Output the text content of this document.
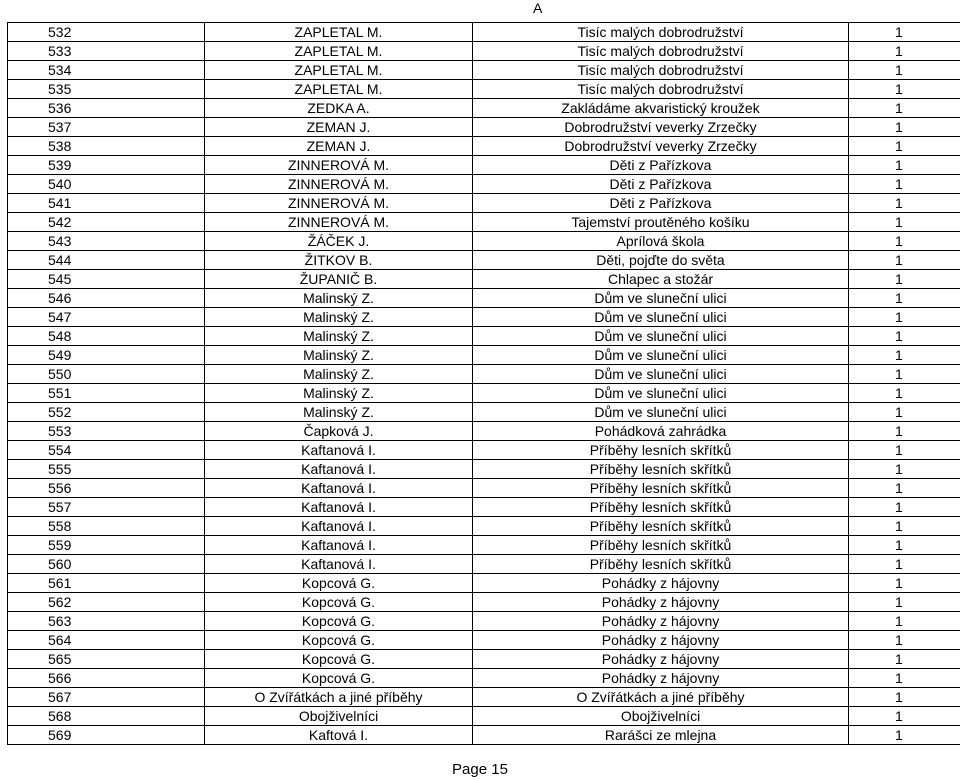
A
532	ZAPLETAL M.	Tisíc malých dobrodružství	1
533	ZAPLETAL M.	Tisíc malých dobrodružství	1
534	ZAPLETAL M.	Tisíc malých dobrodružství	1
535	ZAPLETAL M.	Tisíc malých dobrodružství	1
536	ZEDKA A.	Zakládáme akvaristický kroužek	1
537	ZEMAN J.	Dobrodružství veverky Zrzečky	1
538	ZEMAN J.	Dobrodružství veverky Zrzečky	1
539	ZINNEROVÁ M.	Děti z Pařízkova	1
540	ZINNEROVÁ M.	Děti z Pařízkova	1
541	ZINNEROVÁ M.	Děti z Pařízkova	1
542	ZINNEROVÁ M.	Tajemství proutěného košíku	1
543	ŽÁČEK J.	Aprílová škola	1
544	ŽITKOV B.	Děti, pojďte do světa	1
545	ŽUPANIČ B.	Chlapec a stožár	1
546	Malinský Z.	Dům ve sluneční ulici	1
547	Malinský Z.	Dům ve sluneční ulici	1
548	Malinský Z.	Dům ve sluneční ulici	1
549	Malinský Z.	Dům ve sluneční ulici	1
550	Malinský Z.	Dům ve sluneční ulici	1
551	Malinský Z.	Dům ve sluneční ulici	1
552	Malinský Z.	Dům ve sluneční ulici	1
553	Čapková J.	Pohádková zahrádka	1
554	Kaftanová I.	Příběhy lesních skřítků	1
555	Kaftanová I.	Příběhy lesních skřítků	1
556	Kaftanová I.	Příběhy lesních skřítků	1
557	Kaftanová I.	Příběhy lesních skřítků	1
558	Kaftanová I.	Příběhy lesních skřítků	1
559	Kaftanová I.	Příběhy lesních skřítků	1
560	Kaftanová I.	Příběhy lesních skřítků	1
561	Kopcová G.	Pohádky z hájovny	1
562	Kopcová G.	Pohádky z hájovny	1
563	Kopcová G.	Pohádky z hájovny	1
564	Kopcová G.	Pohádky z hájovny	1
565	Kopcová G.	Pohádky z hájovny	1
566	Kopcová G.	Pohádky z hájovny	1
567	O Zvířátkách a jiné příběhy	O Zvířátkách a jiné příběhy	1
568	Obojživelníci	Obojživelníci	1
569	Kaftová I.	Rarášci ze mlejna	1
Page 15
